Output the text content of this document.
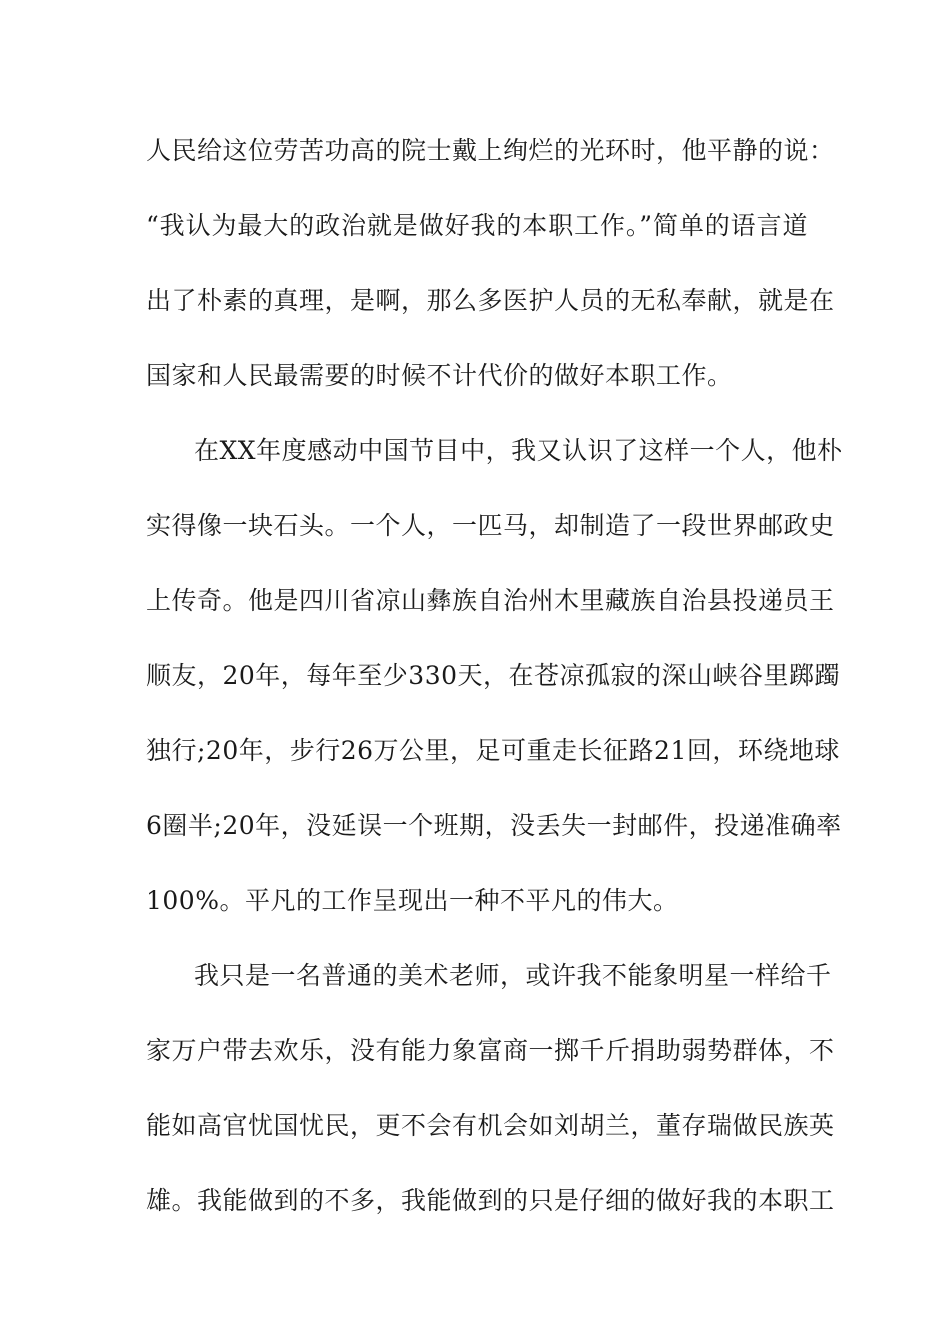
人民给这位劳苦功高的院士戴上绚烂的光环时，他平静的说：
“我认为最大的政治就是做好我的本职工作。”简单的语言道
出了朴素的真理，是啊，那么多医护人员的无私奉献，就是在
国家和人民最需要的时候不计代价的做好本职工作。
在XX年度感动中国节目中，我又认识了这样一个人，他朴
实得像一块石头。一个人，一匹马，却制造了一段世界邮政史
上传奇。他是四川省凉山彝族自治州木里藏族自治县投递员王
顺友，20年，每年至少330天，在苍凉孤寂的深山峡谷里踯躅
独行;20年，步行26万公里，足可重走长征路21回，环绕地球
6圈半;20年，没延误一个班期，没丢失一封邮件，投递准确率
100%。平凡的工作呈现出一种不平凡的伟大。
我只是一名普通的美术老师，或许我不能象明星一样给千
家万户带去欢乐，没有能力象富商一掷千斤捐助弱势群体，不
能如高官忧国忧民，更不会有机会如刘胡兰，董存瑞做民族英
雄。我能做到的不多，我能做到的只是仔细的做好我的本职工
